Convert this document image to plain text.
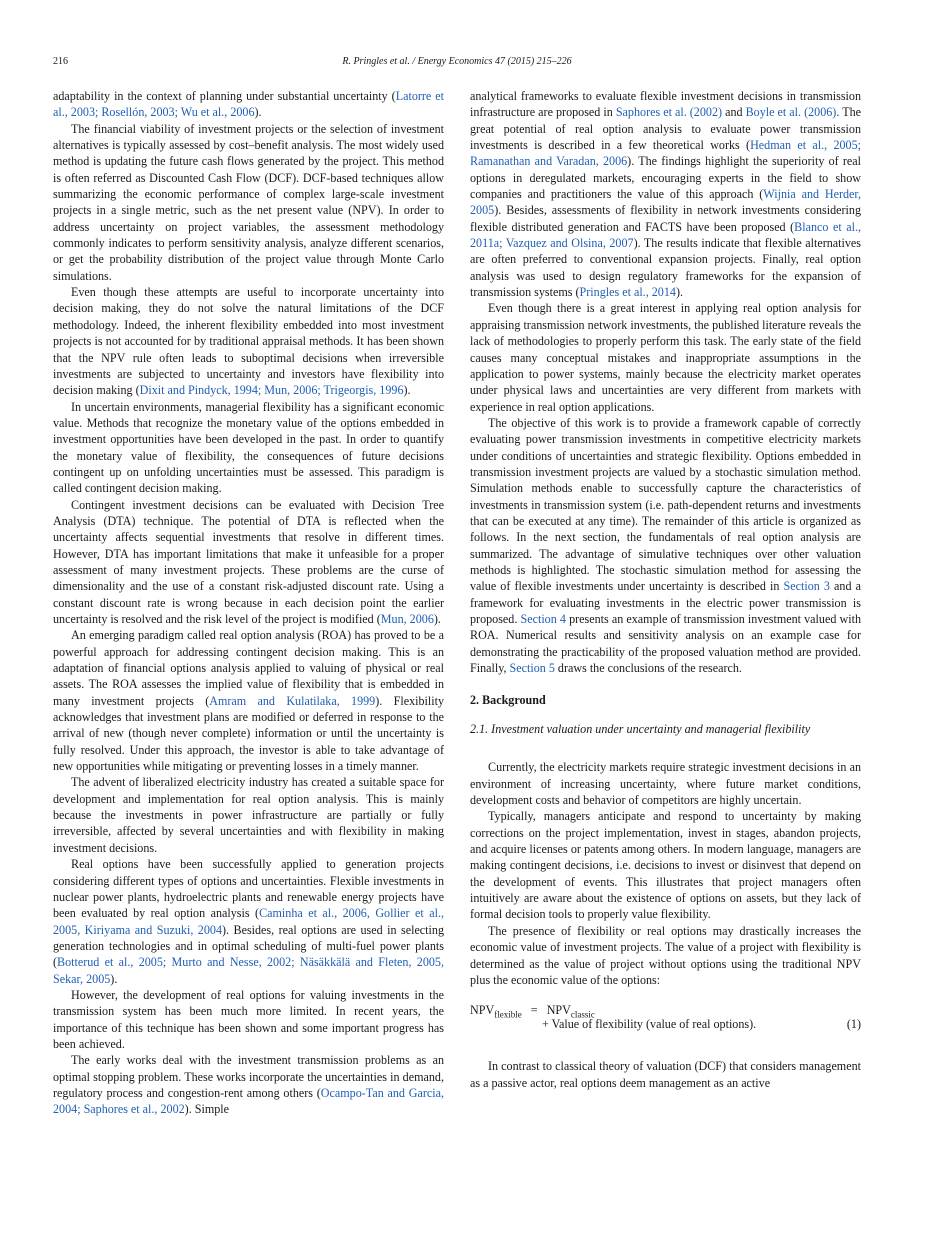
216	R. Pringles et al. / Energy Economics 47 (2015) 215–226

adaptability in the context of planning under substantial uncertainty (Latorre et al., 2003; Rosellón, 2003; Wu et al., 2006).

The financial viability of investment projects or the selection of investment alternatives is typically assessed by cost–benefit analysis. The most widely used method is updating the future cash flows generated by the project. This method is often referred as Discounted Cash Flow (DCF). DCF-based techniques allow summarizing the economic performance of complex large-scale investment projects in a single metric, such as the net present value (NPV). In order to address uncertainty on project variables, the assessment methodology commonly indicates to perform sensitivity analysis, analyze different scenarios, or get the probability distribution of the project value through Monte Carlo simulations.

Even though these attempts are useful to incorporate uncertainty into decision making, they do not solve the natural limitations of the DCF methodology. Indeed, the inherent flexibility embedded into most investment projects is not accounted for by traditional appraisal methods. It has been shown that the NPV rule often leads to suboptimal decisions when irreversible investments are subjected to uncertainty and investors have flexibility into decision making (Dixit and Pindyck, 1994; Mun, 2006; Trigeorgis, 1996).

In uncertain environments, managerial flexibility has a significant economic value. Methods that recognize the monetary value of the options embedded in investment opportunities have been developed in the past. In order to quantify the monetary value of flexibility, the consequences of future decisions contingent up on unfolding uncertainties must be assessed. This paradigm is called contingent decision making.

Contingent investment decisions can be evaluated with Decision Tree Analysis (DTA) technique. The potential of DTA is reflected when the uncertainty affects sequential investments that resolve in different times. However, DTA has important limitations that make it unfeasible for a proper assessment of many investment projects. These problems are the curse of dimensionality and the use of a constant risk-adjusted discount rate. Using a constant discount rate is wrong because in each decision point the earlier uncertainty is resolved and the risk level of the project is modified (Mun, 2006).

An emerging paradigm called real option analysis (ROA) has proved to be a powerful approach for addressing contingent decision making. This is an adaptation of financial options analysis applied to valuing of physical or real assets. The ROA assesses the implied value of flexibility that is embedded in many investment projects (Amram and Kulatilaka, 1999). Flexibility acknowledges that investment plans are modified or deferred in response to the arrival of new (though never complete) information or until the uncertainty is fully resolved. Under this approach, the investor is able to take advantage of new opportunities while mitigating or preventing losses in a timely manner.

The advent of liberalized electricity industry has created a suitable space for development and implementation for real option analysis. This is mainly because the investments in power infrastructure are partially or fully irreversible, affected by several uncertainties and with flexibility in making investment decisions.

Real options have been successfully applied to generation projects considering different types of options and uncertainties. Flexible investments in nuclear power plants, hydroelectric plants and renewable energy projects have been evaluated by real option analysis (Caminha et al., 2006, Gollier et al., 2005, Kiriyama and Suzuki, 2004). Besides, real options are used in selecting generation technologies and in optimal scheduling of multi-fuel power plants (Botterud et al., 2005; Murto and Nesse, 2002; Näsäkkälä and Fleten, 2005, Sekar, 2005).

However, the development of real options for valuing investments in the transmission system has been much more limited. In recent years, the importance of this technique has been shown and some important progress has been achieved.

The early works deal with the investment transmission problems as an optimal stopping problem. These works incorporate the uncertainties in demand, regulatory process and congestion-rent among others (Ocampo-Tan and Garcia, 2004; Saphores et al., 2002). Simple

analytical frameworks to evaluate flexible investment decisions in transmission infrastructure are proposed in Saphores et al. (2002) and Boyle et al. (2006). The great potential of real option analysis to evaluate power transmission investments is described in a few theoretical works (Hedman et al., 2005; Ramanathan and Varadan, 2006). The findings highlight the superiority of real options in deregulated markets, encouraging experts in the field to show companies and practitioners the value of this approach (Wijnia and Herder, 2005). Besides, assessments of flexibility in network investments considering flexible distributed generation and FACTS have been proposed (Blanco et al., 2011a; Vazquez and Olsina, 2007). The results indicate that flexible alternatives are often preferred to conventional expansion projects. Finally, real option analysis was used to design regulatory frameworks for the expansion of transmission systems (Pringles et al., 2014).

Even though there is a great interest in applying real option analysis for appraising transmission network investments, the published literature reveals the lack of methodologies to properly perform this task. The early state of the field causes many conceptual mistakes and inappropriate assumptions in the application to power systems, mainly because the electricity market operates under physical laws and uncertainties are very different from markets with experience in real option applications.

The objective of this work is to provide a framework capable of correctly evaluating power transmission investments in competitive electricity markets under conditions of uncertainties and strategic flexibility. Options embedded in transmission investment projects are valued by a stochastic simulation method. Simulation methods enable to successfully capture the characteristics of investments in transmission system (i.e. path-dependent returns and investments that can be executed at any time). The remainder of this article is organized as follows. In the next section, the fundamentals of real option analysis are summarized. The advantage of simulative techniques over other valuation methods is highlighted. The stochastic simulation method for assessing the value of flexible investments under uncertainty is described in Section 3 and a framework for evaluating investments in the electric power transmission is proposed. Section 4 presents an example of transmission investment valued with ROA. Numerical results and sensitivity analysis on an example case for demonstrating the practicability of the proposed valuation method are provided. Finally, Section 5 draws the conclusions of the research.

2. Background
2.1. Investment valuation under uncertainty and managerial flexibility

Currently, the electricity markets require strategic investment decisions in an environment of increasing uncertainty, where future market conditions, development costs and behavior of competitors are highly uncertain.

Typically, managers anticipate and respond to uncertainty by making corrections on the project implementation, invest in stages, abandon projects, and acquire licenses or patents among others. In modern language, managers are making contingent decisions, i.e. decisions to invest or disinvest that depend on the development of events. This illustrates that project managers often intuitively are aware about the existence of options on assets, but they lack of formal decision tools to properly value flexibility.

The presence of flexibility or real options may drastically increases the economic value of investment projects. The value of a project with flexibility is determined as the value of project without options using the traditional NPV plus the economic value of the options:

$NPV_{flexible} = NPV_{classic}$
+ Value of flexibility (value of real options).	(1)

In contrast to classical theory of valuation (DCF) that considers management as a passive actor, real options deem management as an active
